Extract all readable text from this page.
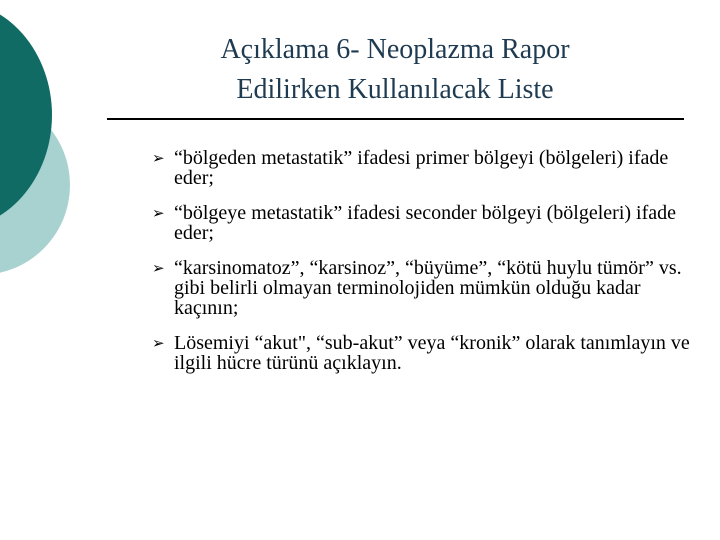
Açıklama 6- Neoplazma Rapor
Edilirken Kullanılacak Liste
➢ “bölgeden metastatik” ifadesi primer bölgeyi (bölgeleri) ifade eder;
➢ “bölgeye metastatik” ifadesi seconder bölgeyi (bölgeleri) ifade eder;
➢ “karsinomatoz”, “karsinoz”, “büyüme”, “kötü huylu tümör” vs. gibi belirli olmayan terminolojiden mümkün olduğu kadar kaçının;
➢ Lösemiyi “akut", “sub-akut” veya “kronik” olarak tanımlayın ve ilgili hücre türünü açıklayın.
